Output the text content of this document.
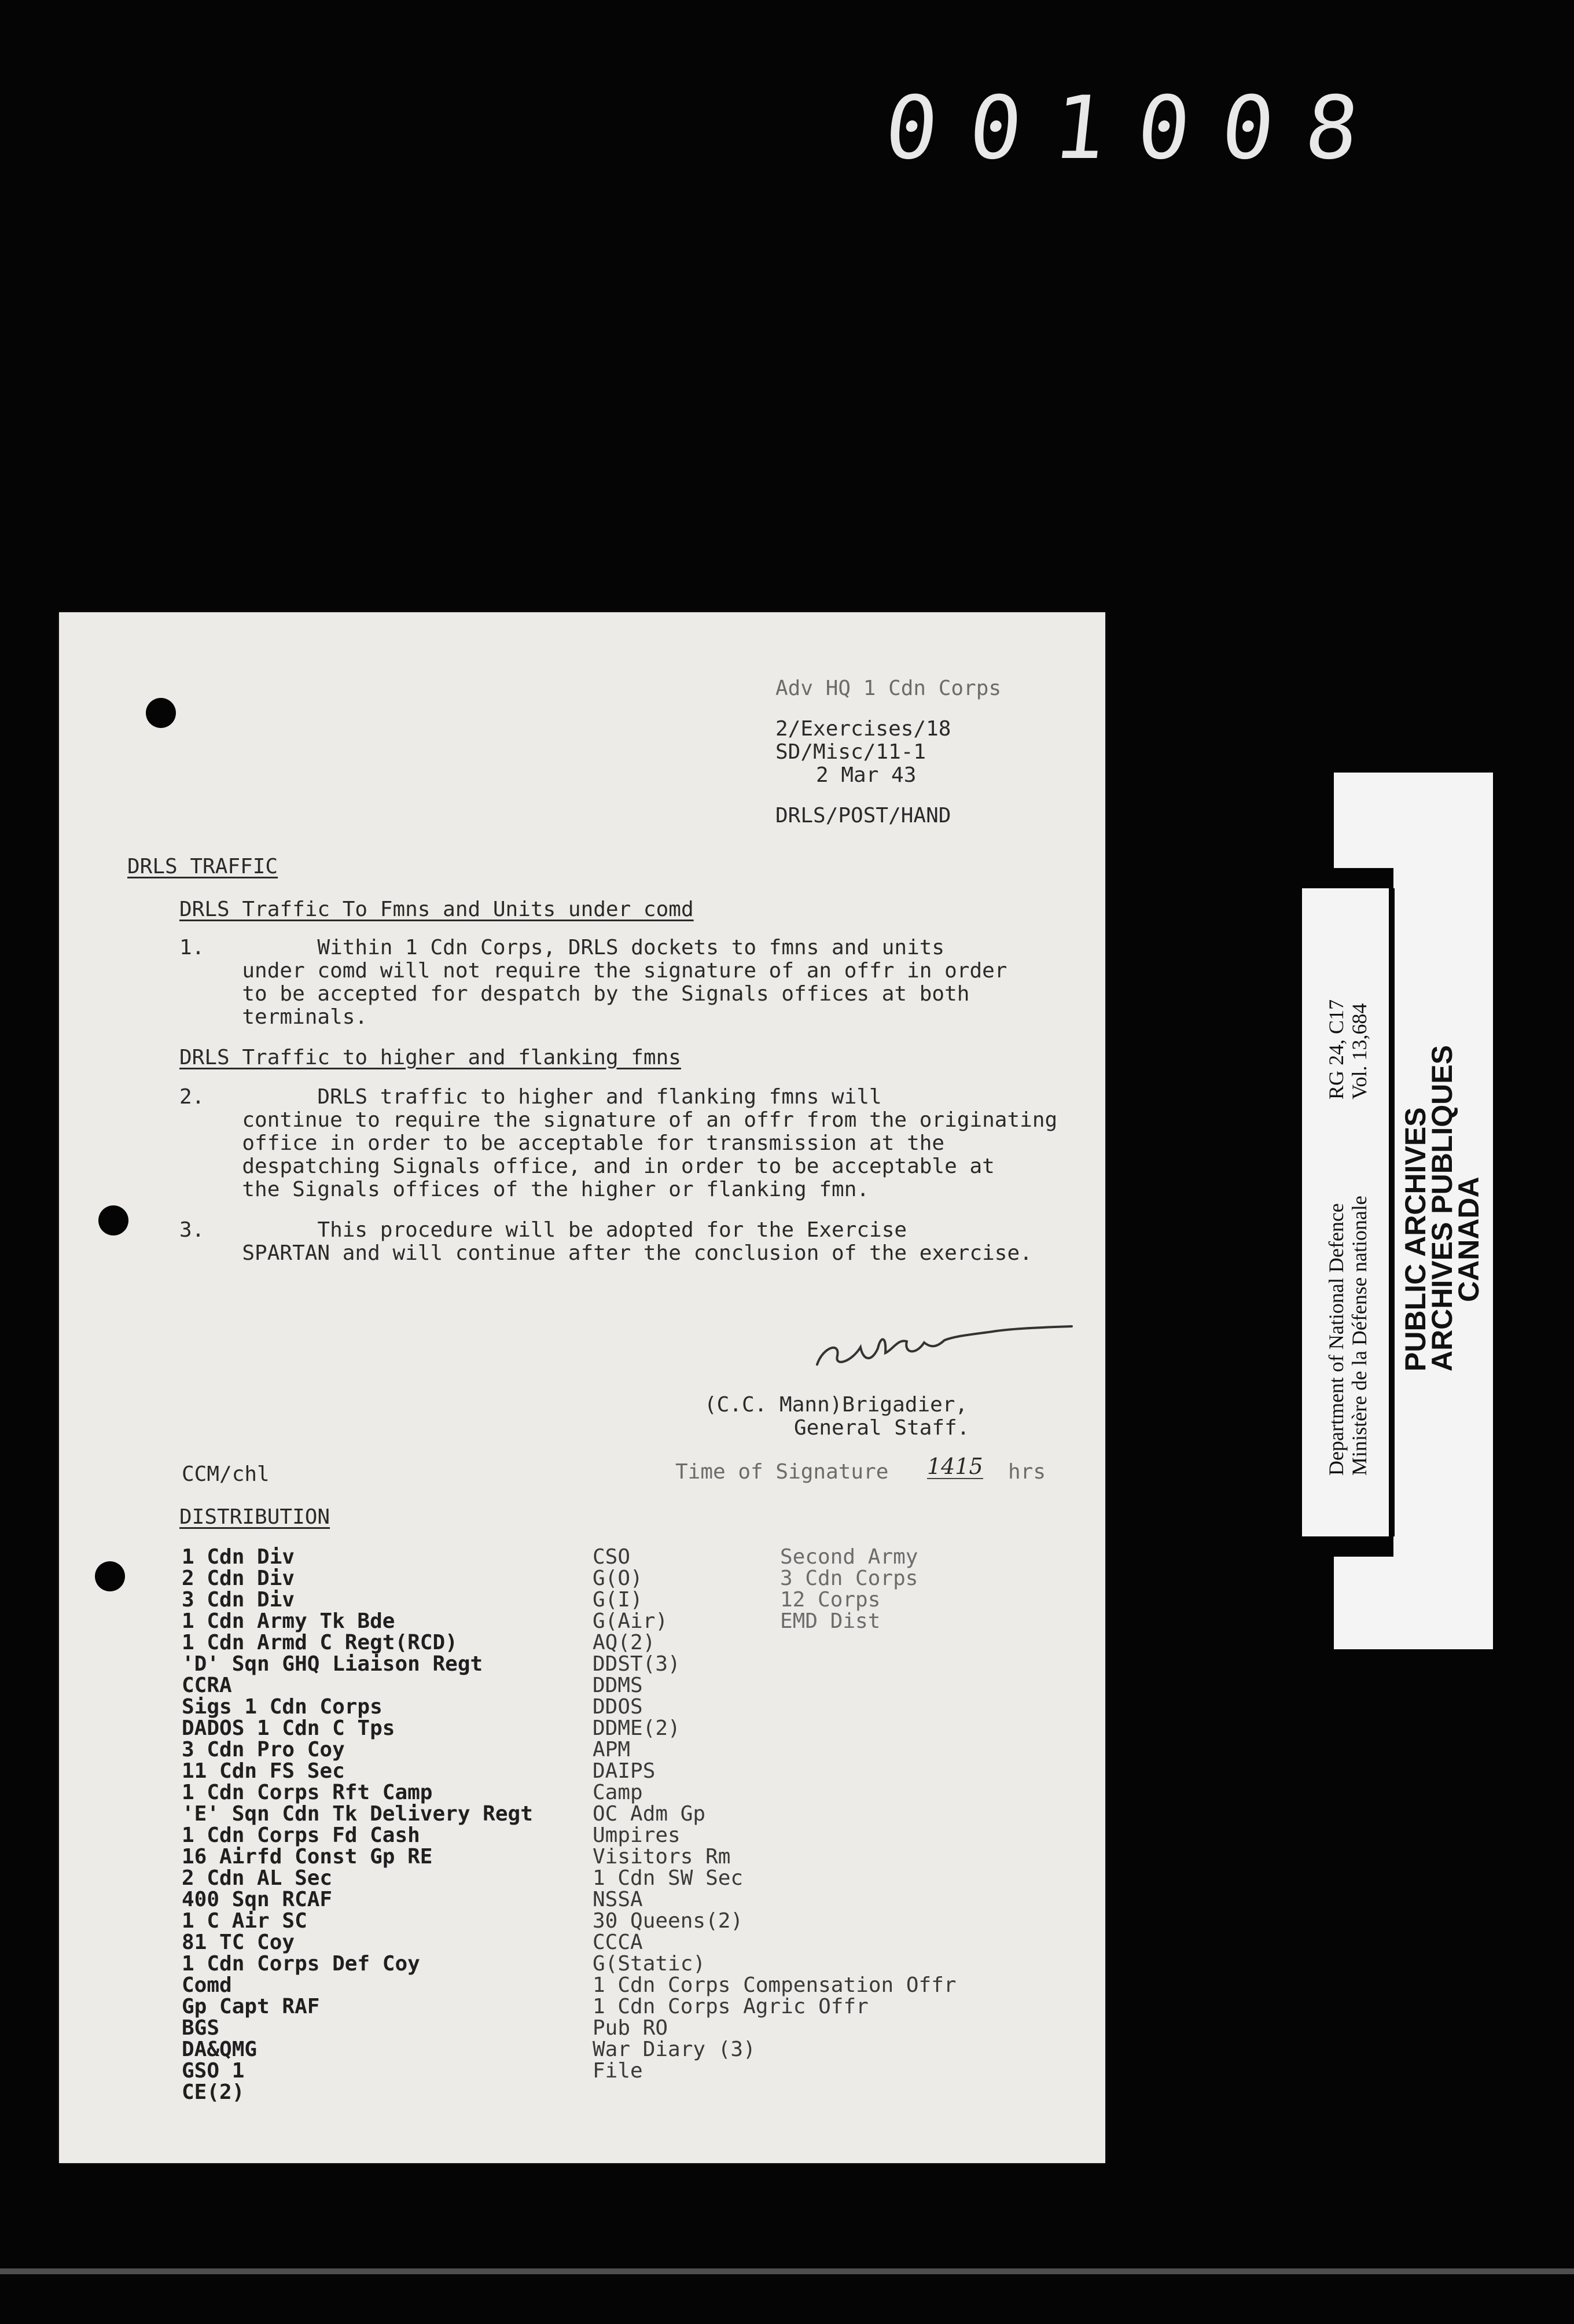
001008
Adv HQ 1 Cdn Corps
2/Exercises/18
SD/Misc/11-1
2 Mar 43
DRLS/POST/HAND
DRLS TRAFFIC
DRLS Traffic To Fmns and Units under comd
1.         Within 1 Cdn Corps, DRLS dockets to fmns and units
under comd will not require the signature of an offr in order
to be accepted for despatch by the Signals offices at both
terminals.
DRLS Traffic to higher and flanking fmns
2.         DRLS traffic to higher and flanking fmns will
continue to require the signature of an offr from the originating
office in order to be acceptable for transmission at the
despatching Signals office, and in order to be acceptable at
the Signals offices of the higher or flanking fmn.
3.         This procedure will be adopted for the Exercise
SPARTAN and will continue after the conclusion of the exercise.
(C.C. Mann)Brigadier,
General Staff.
CCM/chl	Time of Signature 1415 hrs
DISTRIBUTION
1 Cdn Div
2 Cdn Div
3 Cdn Div
1 Cdn Army Tk Bde
1 Cdn Armd C Regt(RCD)
'D' Sqn GHQ Liaison Regt
CCRA
Sigs 1 Cdn Corps
DADOS 1 Cdn C Tps
3 Cdn Pro Coy
11 Cdn FS Sec
1 Cdn Corps Rft Camp
'E' Sqn Cdn Tk Delivery Regt
1 Cdn Corps Fd Cash
16 Airfd Const Gp RE
2 Cdn AL Sec
400 Sqn RCAF
1 C Air SC
81 TC Coy
1 Cdn Corps Def Coy
Comd
Gp Capt RAF
BGS
DA&QMG
GSO 1
CE(2)
CSO
G(O)
G(I)
G(Air)
AQ(2)
DDST(3)
DDMS
DDOS
DDME(2)
APM
DAIPS
Camp
OC Adm Gp
Umpires
Visitors Rm
1 Cdn SW Sec
NSSA
30 Queens(2)
CCCA
G(Static)
1 Cdn Corps Compensation Offr
1 Cdn Corps Agric Offr
Pub RO
War Diary (3)
File
Second Army
3 Cdn Corps
12 Corps
EMD Dist
Department of National Defence Ministère de la Défense nationale
RG 24, C17 Vol. 13,684
PUBLIC ARCHIVES
ARCHIVES PUBLIQUES
CANADA
